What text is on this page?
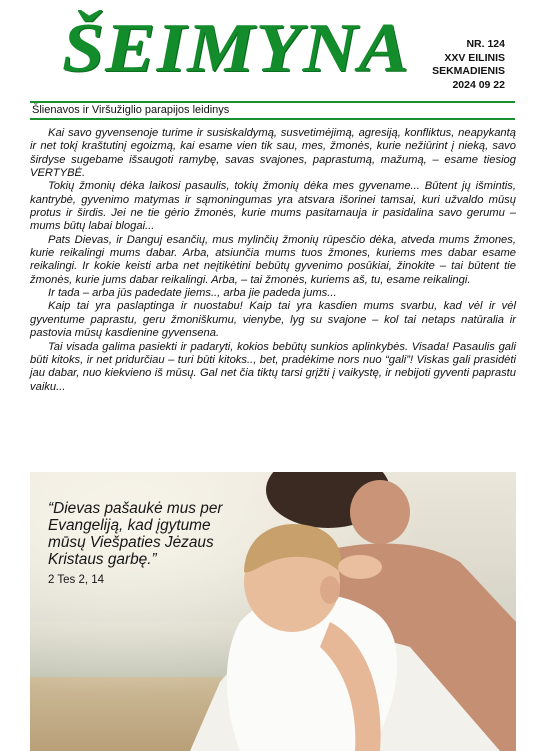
ŠEIMYNA	NR. 124
XXV EILINIS
SEKMADIENIS
2024 09 22
Šlienavos ir Viršužiglio parapijos leidinys

Kai savo gyvensenoje turime ir susiskaldymą, susvetimėjimą, agresiją, konfliktus, neapykantą ir net tokį kraštutinį egoizmą, kai esame vien tik sau, mes, žmonės, kurie nežiūrint į nieką, savo širdyse sugebame išsaugoti ramybę, savas svajones, paprastumą, mažumą, – esame tiesiog VERTYBĖ.

Tokių žmonių dėka laikosi pasaulis, tokių žmonių dėka mes gyvename... Būtent jų išmintis, kantrybė, gyvenimo matymas ir sąmoningumas yra atsvara išorinei tamsai, kuri užvaldo mūsų protus ir širdis. Jei ne tie gėrio žmonės, kurie mums pasitarnauja ir pasidalina savo gerumu – mums būtų labai blogai...

Pats Dievas, ir Danguj esančių, mus mylinčių žmonių rūpesčio dėka, atveda mums žmones, kurie reikalingi mums dabar. Arba, atsiunčia mums tuos žmones, kuriems mes dabar esame reikalingi. Ir kokie keisti arba net neįtikėtini bebūtų gyvenimo posūkiai, žinokite – tai būtent tie žmonės, kurie jums dabar reikalingi. Arba, – tai žmonės, kuriems aš, tu, esame reikalingi.

Ir tada – arba jūs padedate jiems.., arba jie padeda jums...

Kaip tai yra paslaptinga ir nuostabu! Kaip tai yra kasdien mums svarbu, kad vėl ir vėl gyventume paprastu, geru žmoniškumu, vienybe, lyg su svajone – kol tai netaps natūralia ir pastovia mūsų kasdienine gyvensena.

Tai visada galima pasiekti ir padaryti, kokios bebūtų sunkios aplinkybės. Visada! Pasaulis gali būti kitoks, ir net pridurčiau – turi būti kitoks.., bet, pradėkime nors nuo “gali”! Viskas gali prasidėti jau dabar, nuo kiekvieno iš mūsų. Gal net čia tiktų tarsi grįžti į vaikystę, ir nebijoti gyventi paprastu vaiku...

“Dievas pašaukė mus per Evangeliją, kad įgytume mūsų Viešpaties Jėzaus Kristaus garbę.”
2 Tes 2, 14
